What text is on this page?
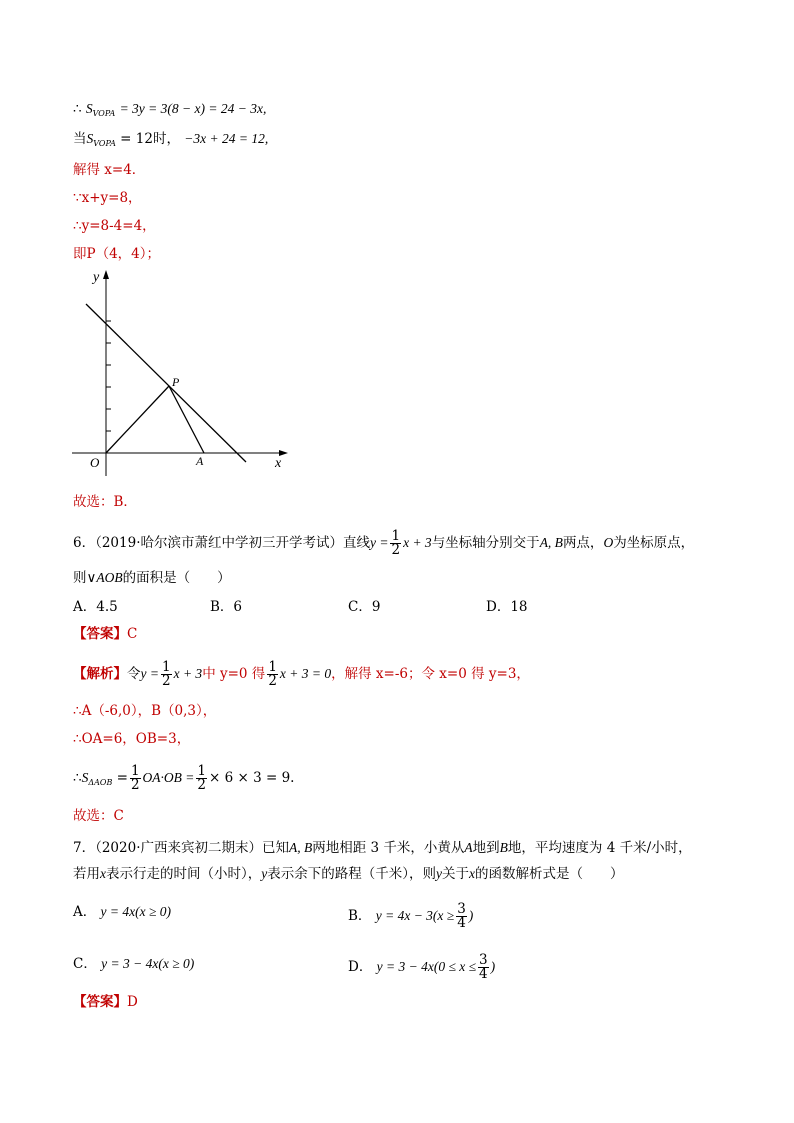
∴ $S_{VOPA} = 3y = 3(8 - x) = 24 - 3x$,
当$S_{VOPA} = 12$时， −3x + 24 = 12,
解得 x=4．
∵x+y=8，
∴y=8-4=4，
即P（4，4）；
y
x
O	A
P
故选：B．
6．（2019·哈尔滨市萧红中学初三开学考试）直线$y = \frac{1}{2}$ x + 3与坐标轴分别交于A, B两点，O为坐标原点，
则∨AOB的面积是（　　）
A．4.5	B．6	C．9	D．18
【答案】C
【解析】令$y = \frac{1}{2}$ x + 3中 y=0 得 $\frac{1}{2}$ x + 3 = 0，解得 x=-6；令 x=0 得 y=3，
∴A（-6,0），B（0,3），
∴OA=6，OB=3，
$\therefore S_{\Delta AOB} = \frac{1}{2} OA\cdot OB = \frac{1}{2} \times 6 \times 3 = 9$.
故选：C
7．（2020·广西来宾初二期末）已知A, B两地相距 3 千米，小黄从A地到B地，平均速度为 4 千米/小时，
若用x表示行走的时间（小时），y表示余下的路程（千米），则y关于x的函数解析式是（　　）
A． y = 4x(x ≥ 0)	B． $y = 4x - 3(x \ge \frac{3}{4}$ )
C． y = 3 − 4x(x ≥ 0)	D． $y = 3 - 4x(0 \le x \le \frac{3}{4}$ )
【答案】D
